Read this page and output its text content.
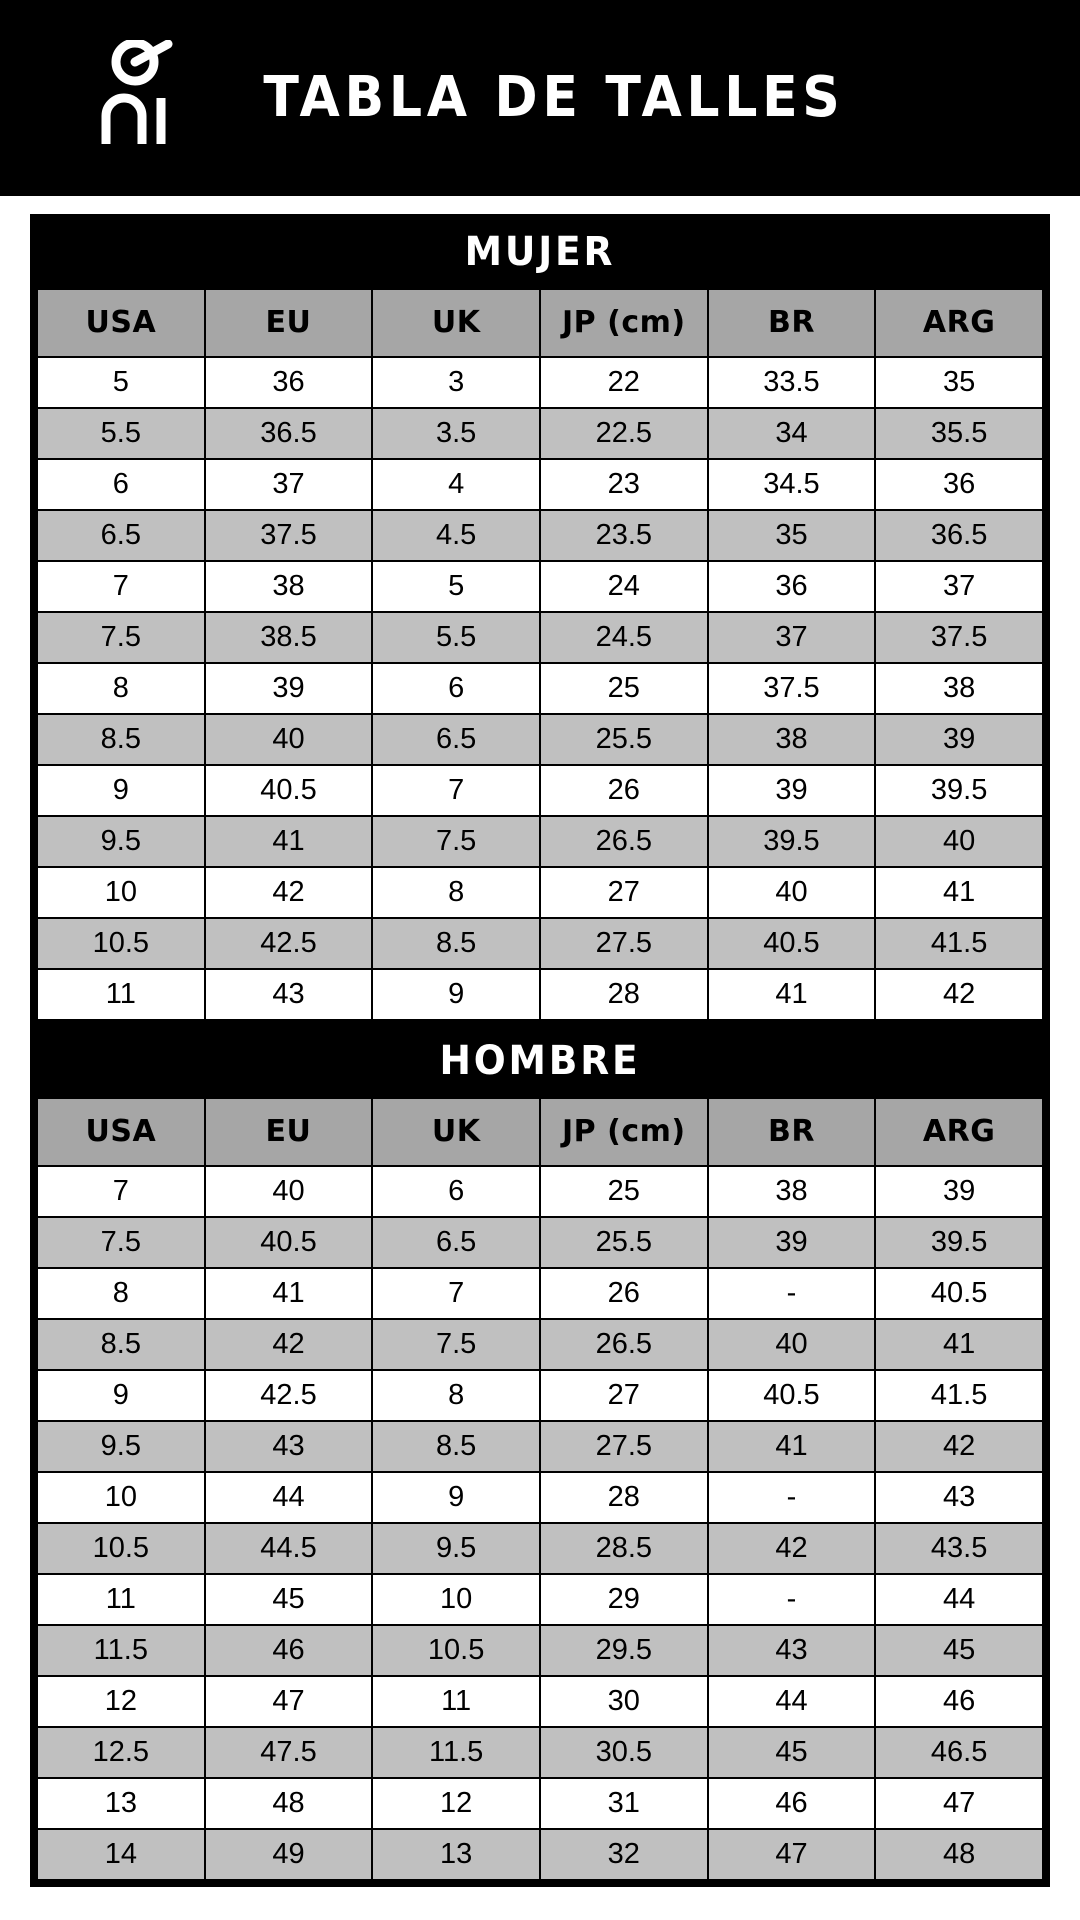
TABLA DE TALLES
MUJER
USA	EU	UK	JP (cm)	BR	ARG
5	36	3	22	33.5	35
5.5	36.5	3.5	22.5	34	35.5
6	37	4	23	34.5	36
6.5	37.5	4.5	23.5	35	36.5
7	38	5	24	36	37
7.5	38.5	5.5	24.5	37	37.5
8	39	6	25	37.5	38
8.5	40	6.5	25.5	38	39
9	40.5	7	26	39	39.5
9.5	41	7.5	26.5	39.5	40
10	42	8	27	40	41
10.5	42.5	8.5	27.5	40.5	41.5
11	43	9	28	41	42
HOMBRE
USA	EU	UK	JP (cm)	BR	ARG
7	40	6	25	38	39
7.5	40.5	6.5	25.5	39	39.5
8	41	7	26	-	40.5
8.5	42	7.5	26.5	40	41
9	42.5	8	27	40.5	41.5
9.5	43	8.5	27.5	41	42
10	44	9	28	-	43
10.5	44.5	9.5	28.5	42	43.5
11	45	10	29	-	44
11.5	46	10.5	29.5	43	45
12	47	11	30	44	46
12.5	47.5	11.5	30.5	45	46.5
13	48	12	31	46	47
14	49	13	32	47	48
